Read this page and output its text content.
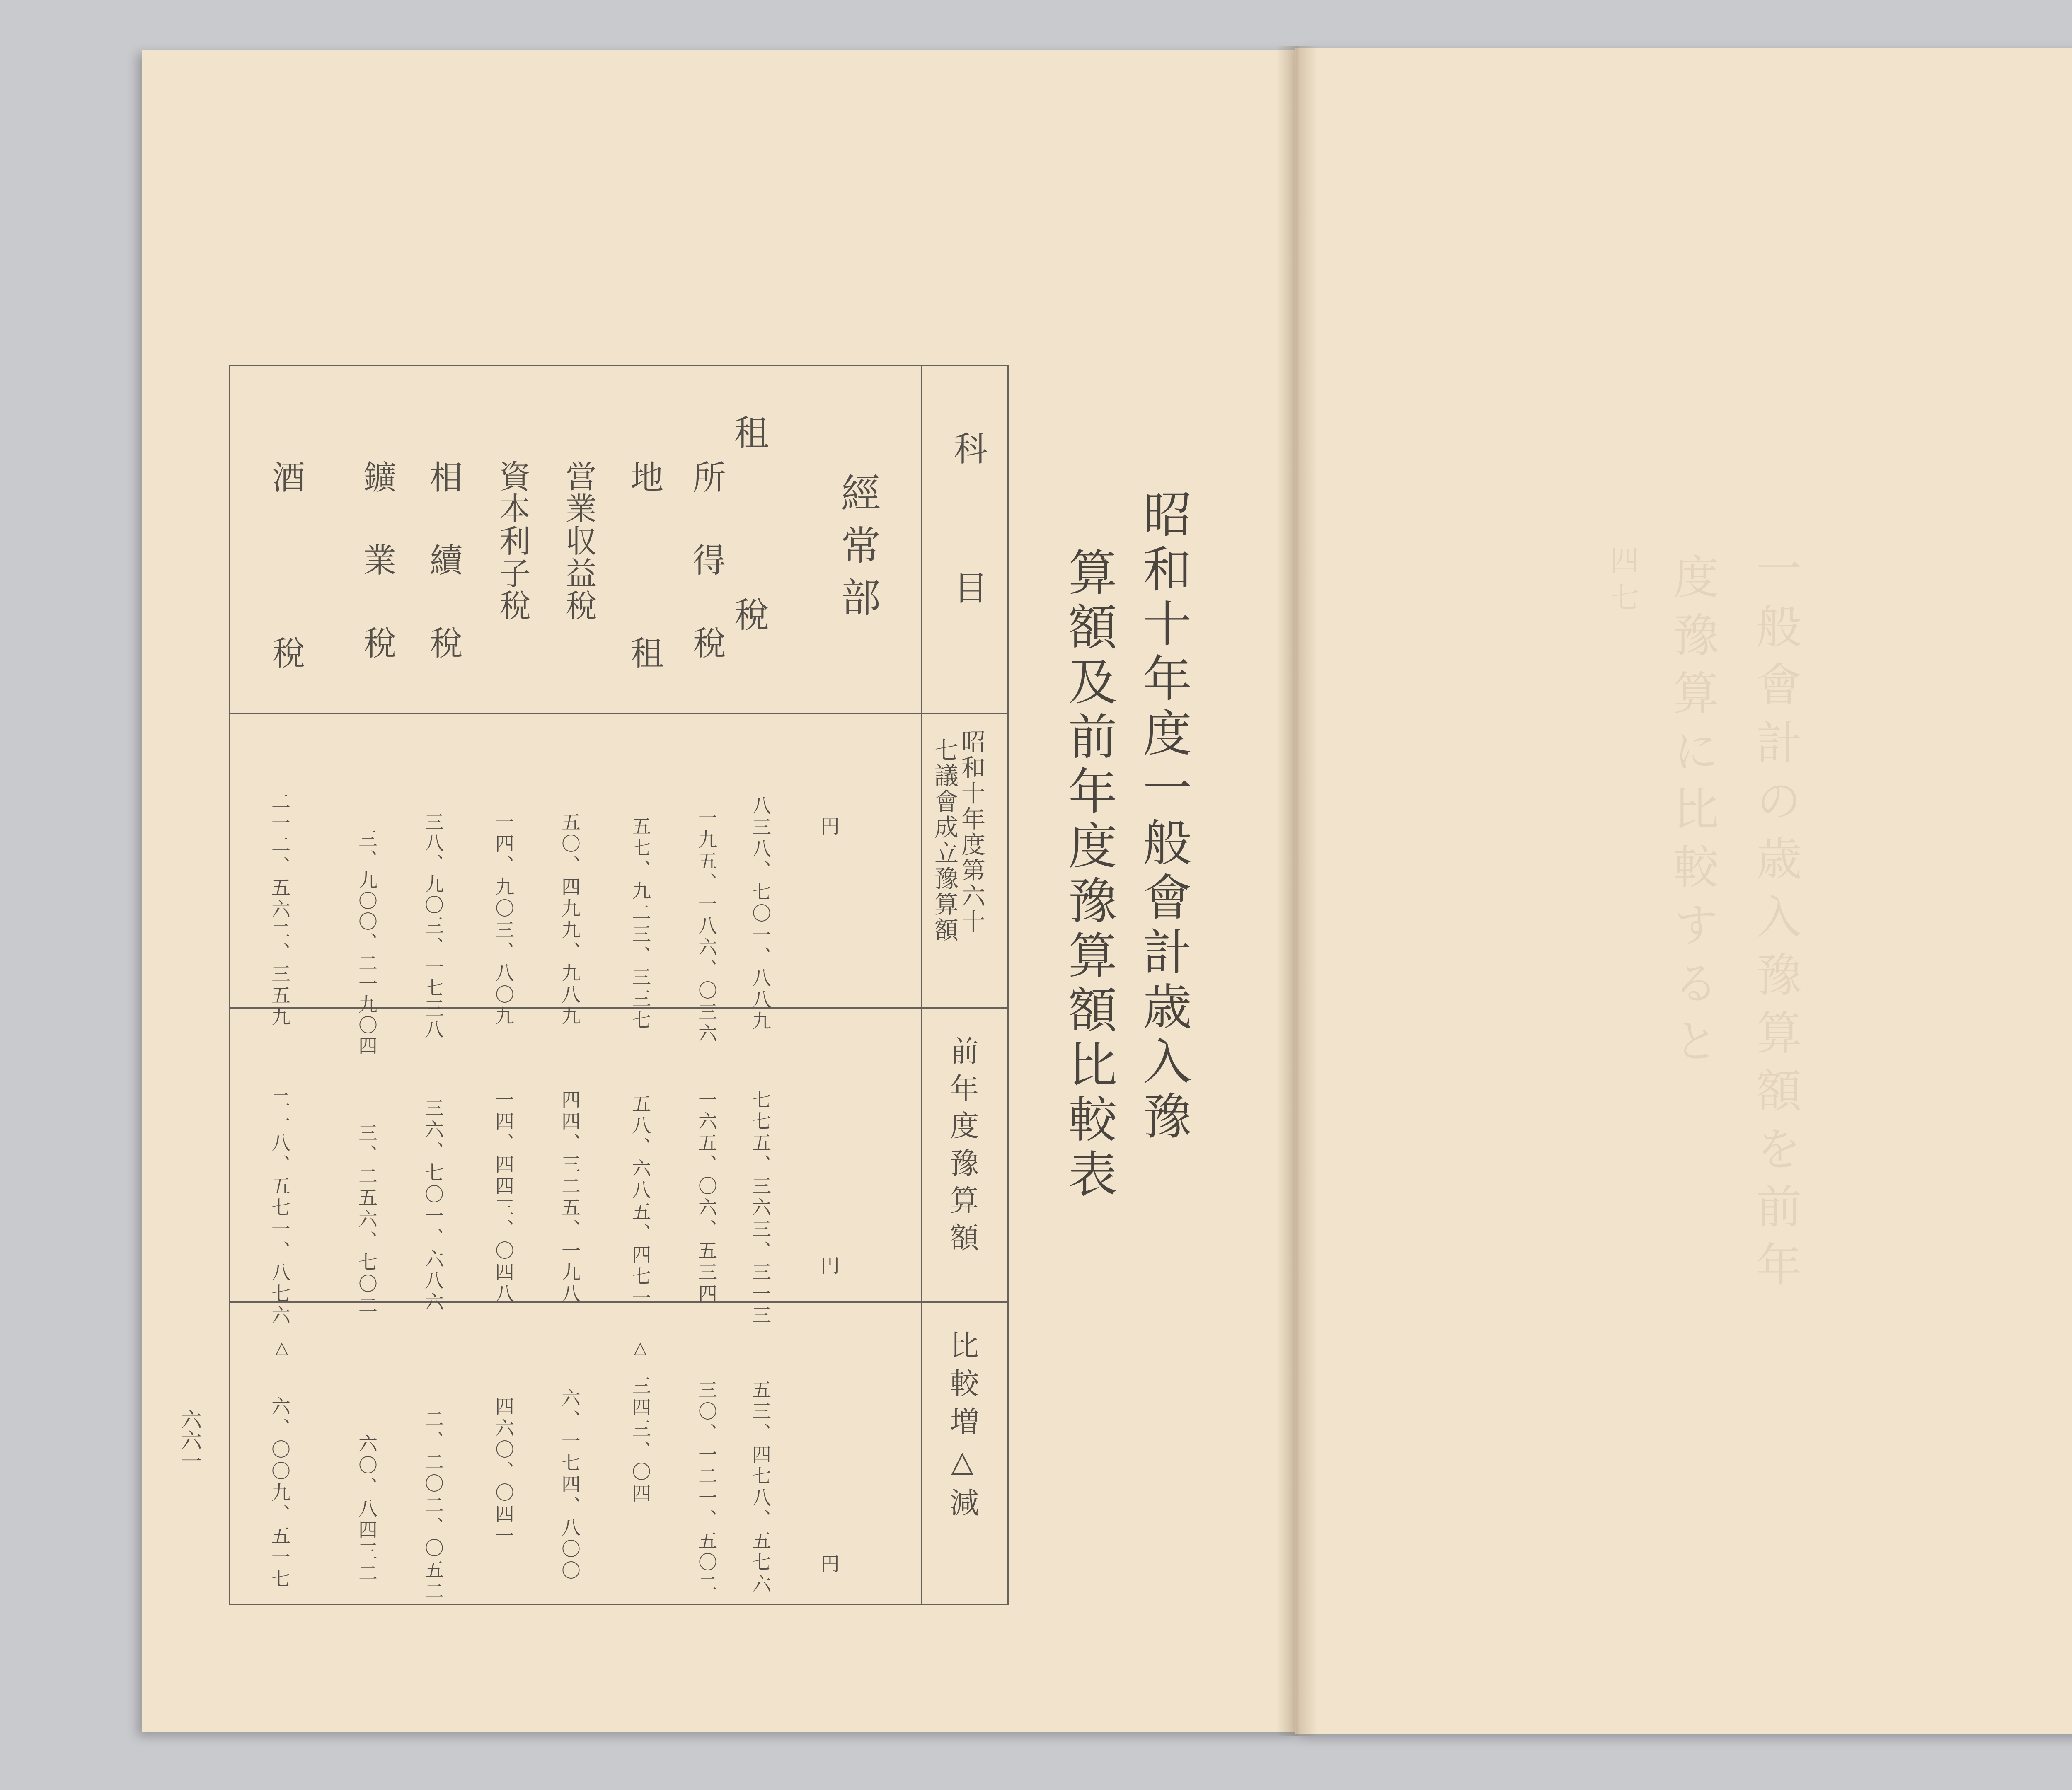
昭和十年度一般會計歳入豫
算額及前年度豫算額比較表
科　　目
昭和十年度第六十
七議會成立豫算額
前年度豫算額
比較増△減
円
円
円
經常部
租　　　稅
所　得　稅
地　　　租
営業収益稅
資本利子稅
相　續　稅
鑛　業　稅
酒　　　稅
八三八、七〇一、八八九
一九五、一八六、〇三六
五七、九二三、三三七
五〇、四九九、九八九
一四、九〇三、八〇九
三八、九〇三、一七三八
三、九〇〇、二一九〇四
二一二、五六二、三五九
七七五、三六三、三一三
一六五、〇六、五三四
五八、六八五、四七一
四四、三二五、一九八
一四、四四三、〇四八
三六、七〇一、六八六
三、二五六、七〇二
二一八、五七一、八七六
五三、四七八、五七六
三〇、一二一、五〇二
△
三四三、〇四
六、一七四、八〇〇
四六〇、〇四一
二、二〇二、〇五二
六〇、八四三二
△
六、〇〇九、五一七
六六一
一般會計の歳入豫算額を前年
度豫算に比較すると
四七
